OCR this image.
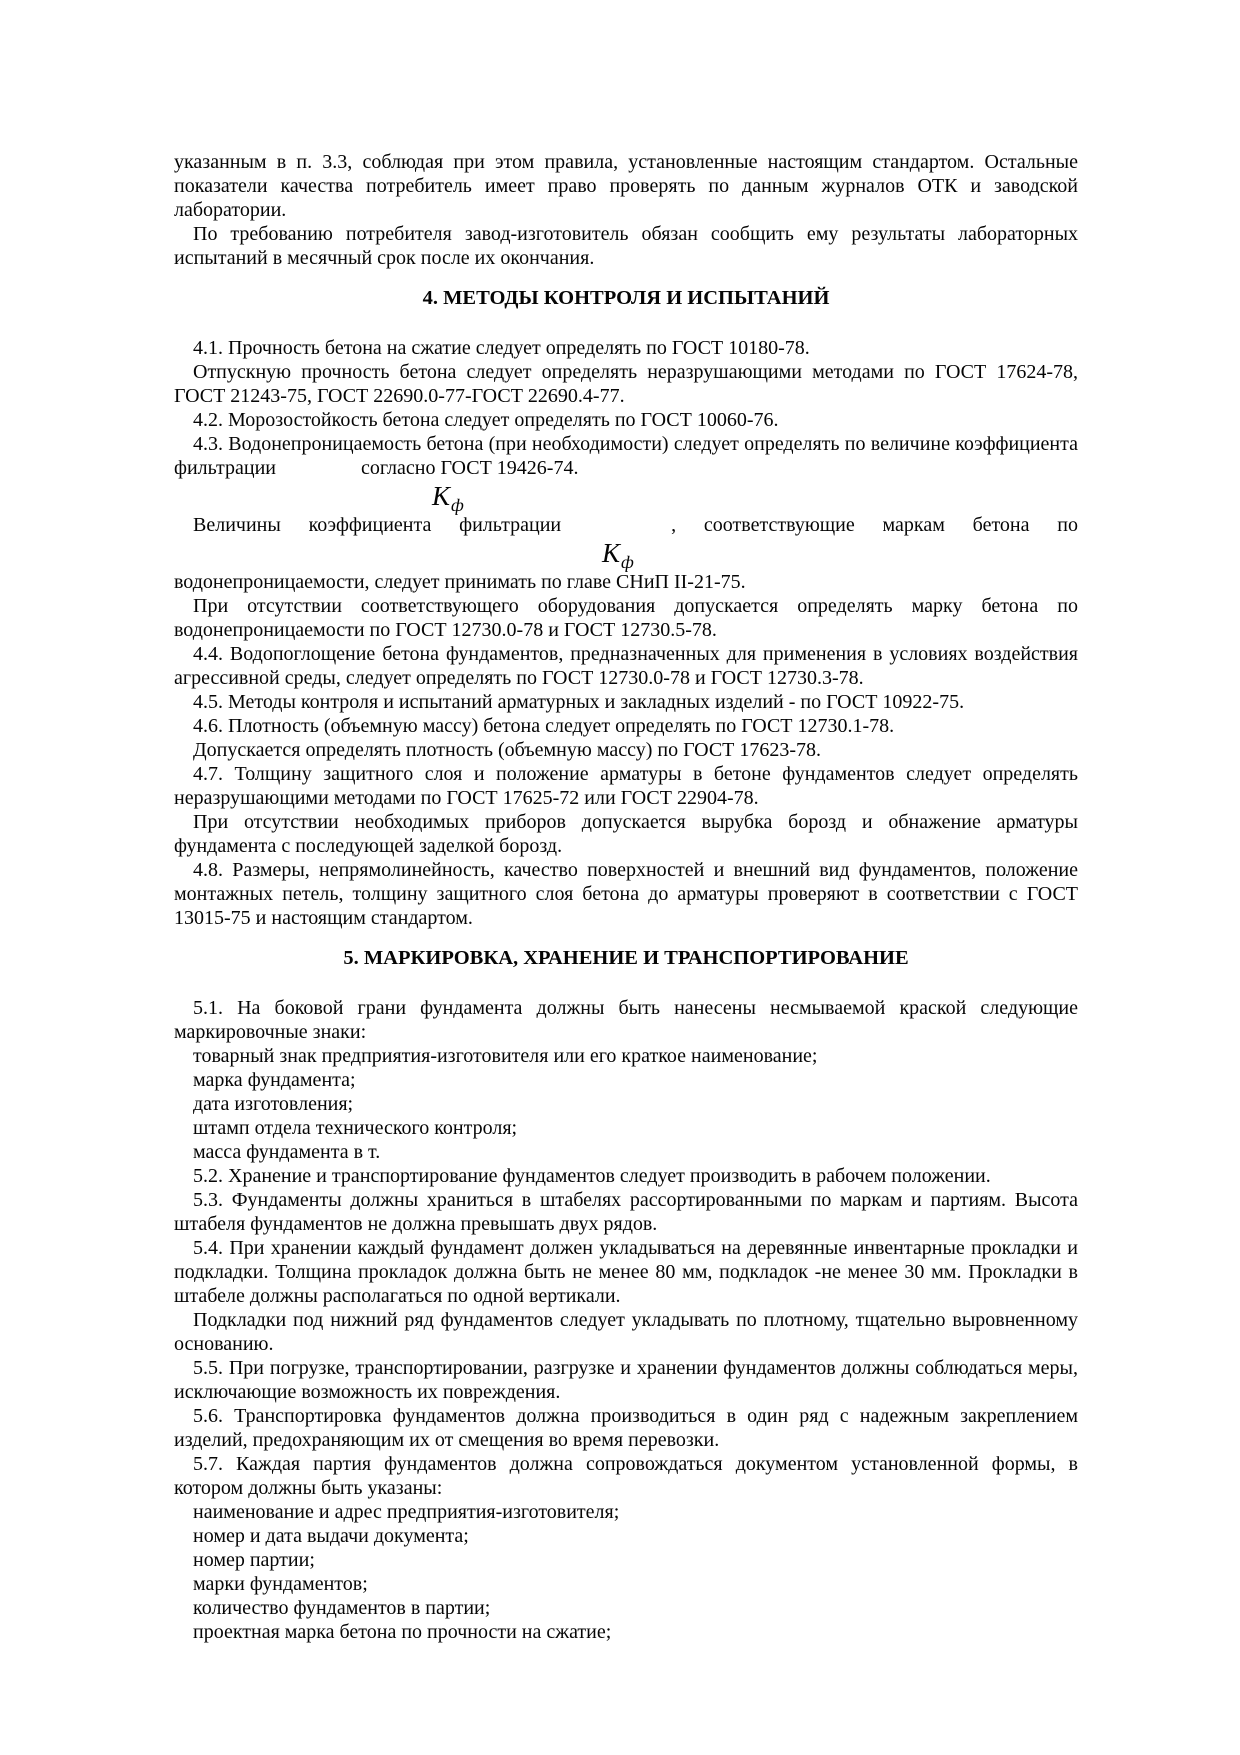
указанным в п. 3.3, соблюдая при этом правила, установленные настоящим стандартом. Остальные показатели качества потребитель имеет право проверять по данным журналов ОТК и заводской лаборатории.

По требованию потребителя завод-изготовитель обязан сообщить ему результаты лабораторных испытаний в месячный срок после их окончания.

4. МЕТОДЫ КОНТРОЛЯ И ИСПЫТАНИЙ

4.1. Прочность бетона на сжатие следует определять по ГОСТ 10180-78.

Отпускную прочность бетона следует определять неразрушающими методами по ГОСТ 17624-78, ГОСТ 21243-75, ГОСТ 22690.0-77-ГОСТ 22690.4-77.

4.2. Морозостойкость бетона следует определять по ГОСТ 10060-76.

4.3. Водонепроницаемость бетона (при необходимости) следует определять по величине коэффициента фильтрации	согласно ГОСТ 19426-74.

Кф

Величины коэффициента фильтрации	, соответствующие маркам бетона по

Кф

водонепроницаемости, следует принимать по главе СНиП II-21-75.

При отсутствии соответствующего оборудования допускается определять марку бетона по водонепроницаемости по ГОСТ 12730.0-78 и ГОСТ 12730.5-78.

4.4. Водопоглощение бетона фундаментов, предназначенных для применения в условиях воздействия агрессивной среды, следует определять по ГОСТ 12730.0-78 и ГОСТ 12730.3-78.

4.5. Методы контроля и испытаний арматурных и закладных изделий - по ГОСТ 10922-75.

4.6. Плотность (объемную массу) бетона следует определять по ГОСТ 12730.1-78.

Допускается определять плотность (объемную массу) по ГОСТ 17623-78.

4.7. Толщину защитного слоя и положение арматуры в бетоне фундаментов следует определять неразрушающими методами по ГОСТ 17625-72 или ГОСТ 22904-78.

При отсутствии необходимых приборов допускается вырубка борозд и обнажение арматуры фундамента с последующей заделкой борозд.

4.8. Размеры, непрямолинейность, качество поверхностей и внешний вид фундаментов, положение монтажных петель, толщину защитного слоя бетона до арматуры проверяют в соответствии с ГОСТ 13015-75 и настоящим стандартом.

5. МАРКИРОВКА, ХРАНЕНИЕ И ТРАНСПОРТИРОВАНИЕ

5.1. На боковой грани фундамента должны быть нанесены несмываемой краской следующие маркировочные знаки:

товарный знак предприятия-изготовителя или его краткое наименование;

марка фундамента;

дата изготовления;

штамп отдела технического контроля;

масса фундамента в т.

5.2. Хранение и транспортирование фундаментов следует производить в рабочем положении.

5.3. Фундаменты должны храниться в штабелях рассортированными по маркам и партиям. Высота штабеля фундаментов не должна превышать двух рядов.

5.4. При хранении каждый фундамент должен укладываться на деревянные инвентарные прокладки и подкладки. Толщина прокладок должна быть не менее 80 мм, подкладок -не менее 30 мм. Прокладки в штабеле должны располагаться по одной вертикали.

Подкладки под нижний ряд фундаментов следует укладывать по плотному, тщательно выровненному основанию.

5.5. При погрузке, транспортировании, разгрузке и хранении фундаментов должны соблюдаться меры, исключающие возможность их повреждения.

5.6. Транспортировка фундаментов должна производиться в один ряд с надежным закреплением изделий, предохраняющим их от смещения во время перевозки.

5.7. Каждая партия фундаментов должна сопровождаться документом установленной формы, в котором должны быть указаны:

наименование и адрес предприятия-изготовителя;

номер и дата выдачи документа;

номер партии;

марки фундаментов;

количество фундаментов в партии;

проектная марка бетона по прочности на сжатие;
